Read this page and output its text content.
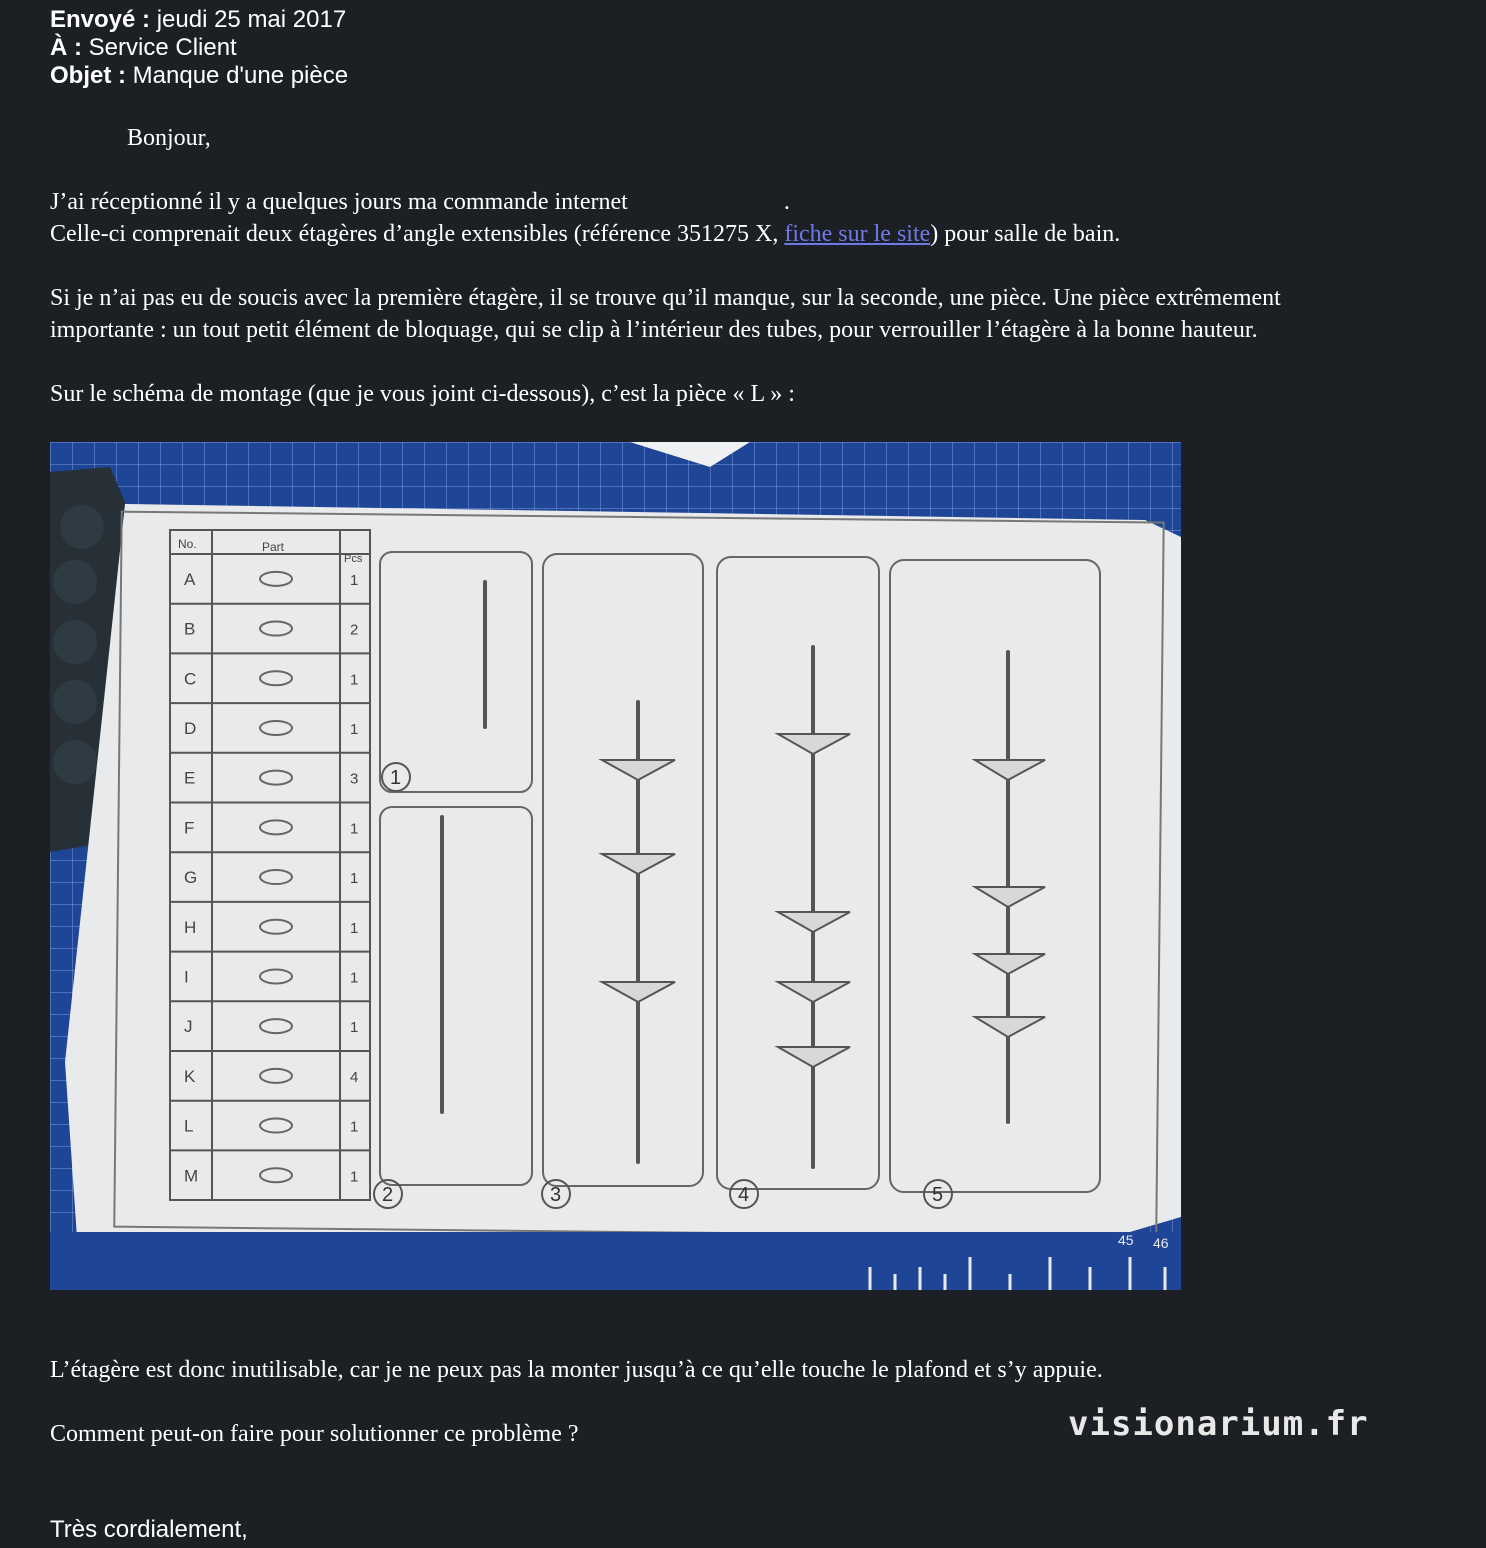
Envoyé : jeudi 25 mai 2017
À : Service Client
Objet : Manque d'une pièce
Bonjour,
J’ai réceptionné il y a quelques jours ma commande internet	.
Celle-ci comprenait deux étagères d’angle extensibles (référence 351275 X, fiche sur le site) pour salle de bain.
Si je n’ai pas eu de soucis avec la première étagère, il se trouve qu’il manque, sur la seconde, une pièce. Une pièce extrêmement
importante : un tout petit élément de bloquage, qui se clip à l’intérieur des tubes, pour verrouiller l’étagère à la bonne hauteur.
Sur le schéma de montage (que je vous joint ci-dessous), c’est la pièce « L » :
45 46
No.	Part
Pcs
A	1
B	2
C	1
D	1
E	3
F	1
G	1
H	1
I	1
J	1
K	4
L	1
M	1
1
2	3	4	5
L’étagère est donc inutilisable, car je ne peux pas la monter jusqu’à ce qu’elle touche le plafond et s’y appuie.
Comment peut-on faire pour solutionner ce problème ?	visionarium.fr
Très cordialement,
